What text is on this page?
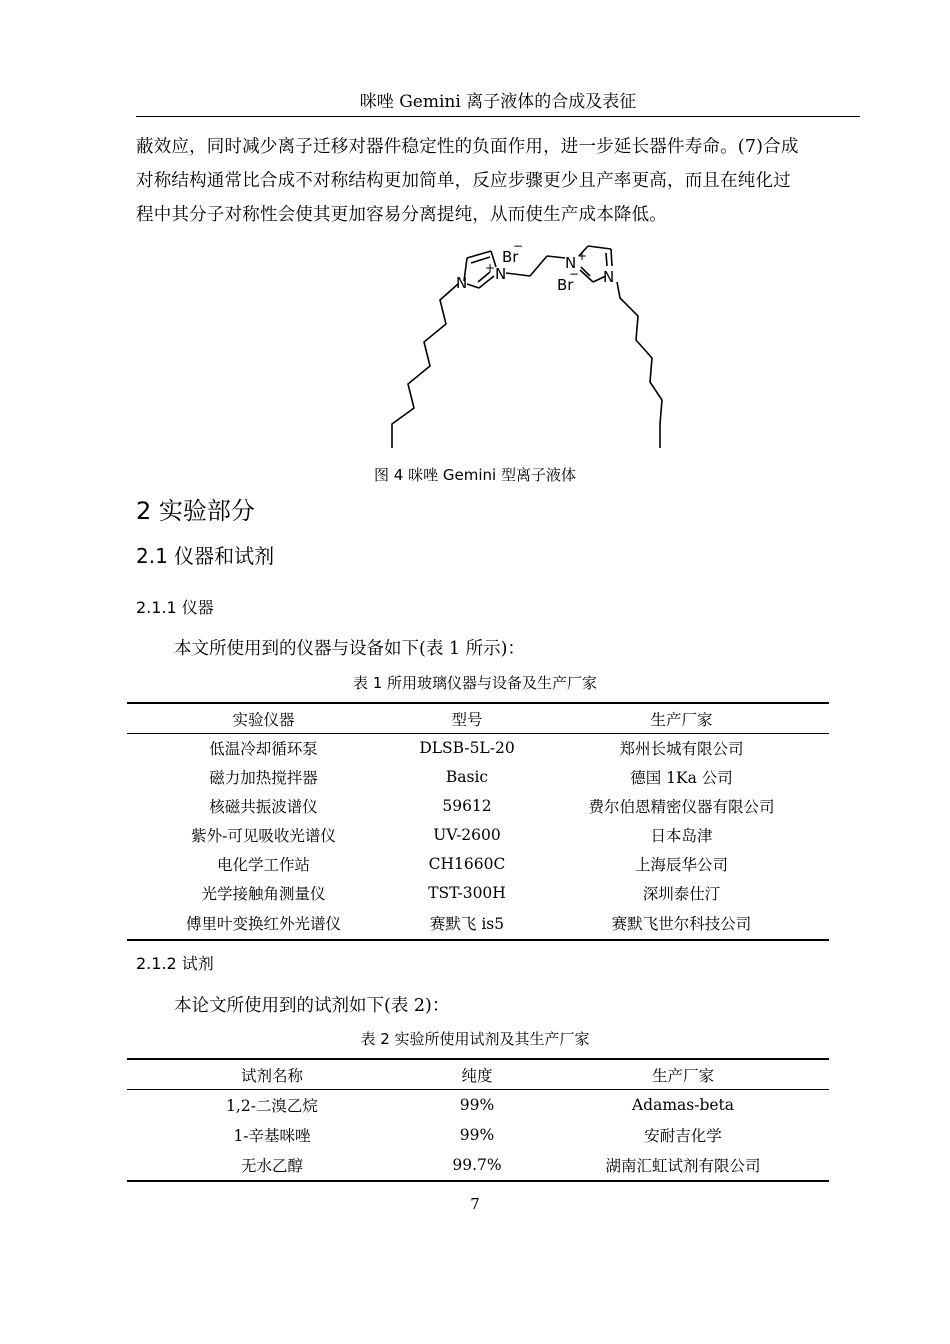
咪唑 Gemini 离子液体的合成及表征
蔽效应，同时减少离子迁移对器件稳定性的负面作用，进一步延长器件寿命。(7)合成
对称结构通常比合成不对称结构更加简单，反应步骤更少且产率更高，而且在纯化过
程中其分子对称性会使其更加容易分离提纯，从而使生产成本降低。
N N
+
Br
−
N +
Br
− N
图 4 咪唑 Gemini 型离子液体
2 实验部分
2.1 仪器和试剂
2.1.1 仪器
本文所使用到的仪器与设备如下(表 1 所示)：
表 1 所用玻璃仪器与设备及生产厂家
实验仪器	型号	生产厂家
低温冷却循环泵	DLSB-5L-20	郑州长城有限公司
磁力加热搅拌器	Basic	德国 1Ka 公司
核磁共振波谱仪	59612	费尔伯恩精密仪器有限公司
紫外-可见吸收光谱仪	UV-2600	日本岛津
电化学工作站	CH1660C	上海辰华公司
光学接触角测量仪	TST-300H	深圳泰仕汀
傅里叶变换红外光谱仪	赛默飞 is5	赛默飞世尔科技公司
2.1.2 试剂
本论文所使用到的试剂如下(表 2)：
表 2 实验所使用试剂及其生产厂家
试剂名称	纯度	生产厂家
1,2-二溴乙烷	99%	Adamas-beta
1-辛基咪唑	99%	安耐吉化学
无水乙醇	99.7%	湖南汇虹试剂有限公司
7
